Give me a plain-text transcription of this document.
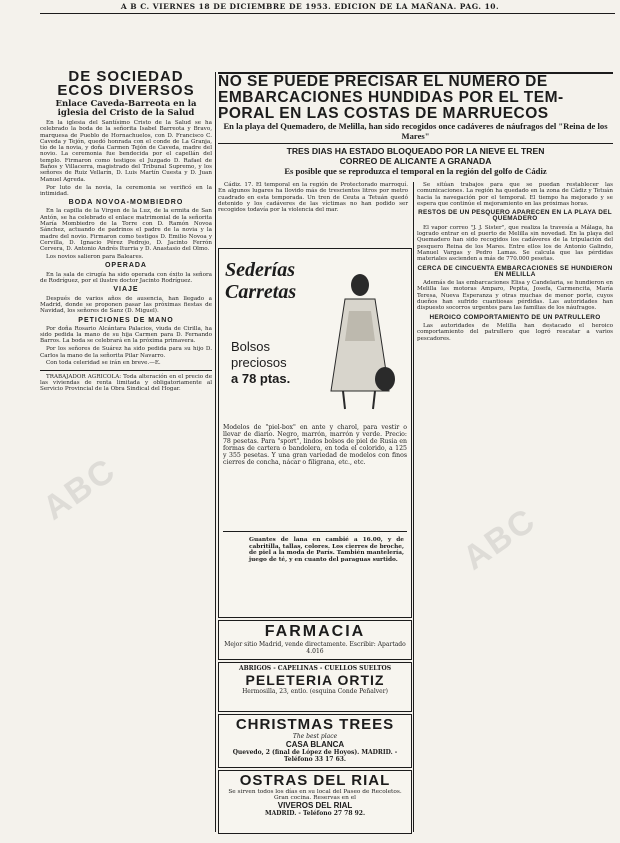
A B C. VIERNES 18 DE DICIEMBRE DE 1953. EDICION DE LA MAÑANA. PAG. 10.
DE SOCIEDAD
ECOS DIVERSOS
Enlace Caveda-Barreota en la iglesia del Cristo de la Salud

En la iglesia del Santísimo Cristo de la Salud se ha celebrado la boda de la señorita Isabel Barreota y Bravo, marquesa de Pueblo de Hornachuelos, con D. Francisco C. Caveda y Tejón, quedó honrada con el conde de La Granja, tío de la novia, y doña Carmen Tejón de Caveda, madre del novio. La ceremonia fue bendecida por el capellán del templo. Firmaron como testigos el Juzgado D. Rafael de Baños y Villacerra, magistrado del Tribunal Supremo, y los señores de Ruiz Vellarín, D. Luis Martín Cuesta y D. Juan Manuel Agreda.

Por luto de la novia, la ceremonia se verificó en la intimidad.

BODA NOVOA-MOMBIEDRO

En la capilla de la Virgen de la Luz, de la ermita de San Antón, se ha celebrado el enlace matrimonial de la señorita María Mombiedro de la Torre con D. Ramón Novoa Sánchez, actuando de padrinos el padre de la novia y la madre del novio. Firmaron como testigos D. Emilio Novoa y Cervilla, D. Ignacio Pérez Pedrojo, D. Jacinto Ferrón Cervera, D. Antonio Andrés Iturria y D. Anastasio del Olmo.

Los novios salieron para Baleares.

OPERADA

En la sala de cirugía ha sido operada con éxito la señora de Rodríguez, por el ilustre doctor Jacinto Rodríguez.

VIAJE

Después de varios años de ausencia, han llegado a Madrid, donde se proponen pasar las próximas fiestas de Navidad, los señores de Sanz (D. Miguel).

PETICIONES DE MANO

Por doña Rosario Alcántara Palacios, viuda de Cirilla, ha sido pedida la mano de su hija Carmen para D. Fernando Barros. La boda se celebrará en la próxima primavera.

Por los señores de Suárez ha sido pedida para su hijo D. Carlos la mano de la señorita Pilar Navarro.

Con toda celeridad se irán en breve.—E.

TRABAJADOR AGRICOLA: Toda alteración en el precio de las viviendas de renta limitada y obligatoriamente al Servicio Provincial de la Obra Sindical del Hogar.

NO SE PUEDE PRECISAR EL NUMERO DE
EMBARCACIONES HUNDIDAS POR EL TEM-
PORAL EN LAS COSTAS DE MARRUECOS
En la playa del Quemadero, de Melilla, han sido recogidos once cadáveres de náufragos del "Reina de los Mares"
TRES DIAS HA ESTADO BLOQUEADO POR LA NIEVE EL TREN
CORREO DE ALICANTE A GRANADA
Es posible que se reproduzca el temporal en la región del golfo de Cádiz

Cádiz. 17. El temporal en la región de Protectorado marroquí. En algunos lugares ha llovido más de trescientos litros por metro cuadrado en esta temporada. Un tren de Ceuta a Tetuán quedó detenido y los cadáveres de las víctimas no han podido ser recogidos todavía por la violencia del mar.

Sederías
Carretas
Bolsos
preciosos
a 78 ptas.

Modelos de "piel-box" en ante y charol, para vestir o llevar de diario. Negro, marrón, marrón y verde. Precio: 78 pesetas. Para "sport", lindos bolsos de piel de Rusia en formas de cartera o bandolera, en toda el colorido, a 125 y 355 pesetas. Y una gran variedad de modelos con finos cierres de concha, nácar o filigrana, etc., etc.

Guantes de lana en cambié a 16.00, y de cabritilla, tallas, colores. Los cierres de broche, de piel a la moda de París. También mantelería, juego de té, y en cuanto del paraguas surtido.

FARMACIA
Mejor sitio Madrid, vende directamente. Escribir: Apartado 4.016
ABRIGOS - CAPELINAS - CUELLOS SUELTOS
PELETERIA ORTIZ
Hermosilla, 23, entlo. (esquina Conde Peñalver)
CHRISTMAS TREES
The best place
CASA BLANCA
Quevedo, 2 (final de López de Hoyos). MADRID. - Teléfono 33 17 63.
OSTRAS DEL RIAL
Se sirven todos los días en su local del Paseo de Recoletos. Gran cocina. Reservas en el
VIVEROS DEL RIAL
MADRID. - Teléfono 27 78 92.

Se sitúan trabajos para que se puedan restablecer las comunicaciones. La región ha quedado en la zona de Cádiz y Tetuán hacia la navegación por el temporal. El tiempo ha mejorado y se espera que continúe el mejoramiento en las próximas horas.

RESTOS DE UN PESQUERO APARECEN EN LA PLAYA DEL QUEMADERO

El vapor correo "J. J. Sister", que realiza la travesía a Málaga, ha logrado entrar en el puerto de Melilla sin novedad. En la playa del Quemadero han sido recogidos los cadáveres de la tripulación del pesquero Reina de los Mares. Entre ellos los de Antonio Galindo, Manuel Vargas y Pedro Lamas. Se calcula que las pérdidas materiales ascienden a más de 770.000 pesetas.

CERCA DE CINCUENTA EMBARCACIONES SE HUNDIERON EN MELILLA

Además de las embarcaciones Elisa y Candelaria, se hundieron en Melilla las motoras Amparo, Pepita, Josefa, Carmencita, María Teresa, Nueva Esperanza y otras muchas de menor porte, cuyos dueños han sufrido cuantiosas pérdidas. Las autoridades han dispuesto socorros urgentes para las familias de los náufragos.

HEROICO COMPORTAMIENTO DE UN PATRULLERO

Las autoridades de Melilla han destacado el heroico comportamiento del patrullero que logró rescatar a varios pescadores.

ABC
ABC
